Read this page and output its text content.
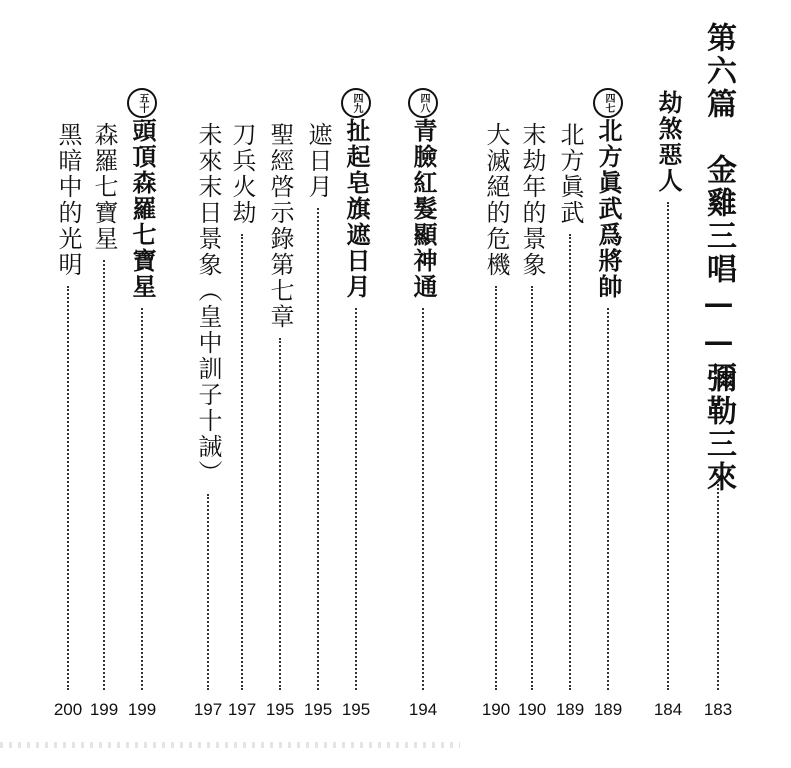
第六篇　金雞三唱——彌勒三來
183
劫煞惡人
184
四七北方眞武爲將帥
189
北方眞武
189
末劫年的景象
190
大滅絕的危機
190
四八青臉紅髮顯神通
194
四九扯起皂旗遮日月
195
遮日月
195
聖經啓示錄第七章
195
刀兵火劫
197
未來末日景象（皇中訓子十誡）
197
五十頭頂森羅七寶星
199
森羅七寶星
199
黑暗中的光明
200
